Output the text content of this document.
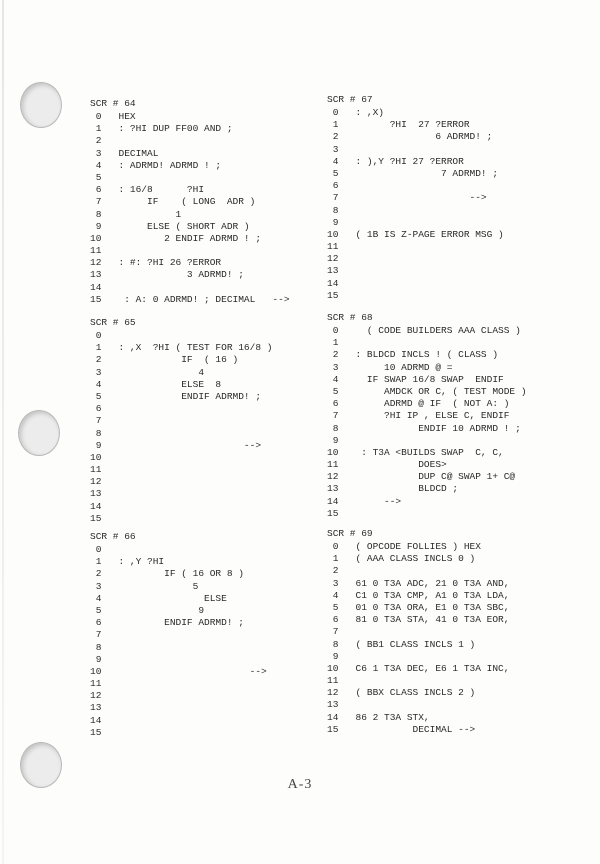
SCR # 64
0   HEX
1   : ?HI DUP FF00 AND ;
2
3   DECIMAL
4   : ADRMD! ADRMD ! ;
5
6   : 16/8      ?HI
7        IF    ( LONG  ADR )
8             1
9        ELSE ( SHORT ADR )
10           2 ENDIF ADRMD ! ;
11
12   : #: ?HI 26 ?ERROR
13               3 ADRMD! ;
14
15    : A: 0 ADRMD! ; DECIMAL   -->
SCR # 65
0
1   : ,X  ?HI ( TEST FOR 16/8 )
2              IF  ( 16 )
3                 4
4              ELSE  8
5              ENDIF ADRMD! ;
6
7
8
9                         -->
10
11
12
13
14
15
SCR # 66
0
1   : ,Y ?HI
2           IF ( 16 OR 8 )
3                5
4                  ELSE
5                 9
6           ENDIF ADRMD! ;
7
8
9
10                          -->
11
12
13
14
15
SCR # 67
0   : ,X)
1         ?HI  27 ?ERROR
2                 6 ADRMD! ;
3
4   : ),Y ?HI 27 ?ERROR
5                  7 ADRMD! ;
6
7                       -->
8
9
10   ( 1B IS Z-PAGE ERROR MSG )
11
12
13
14
15
SCR # 68
0     ( CODE BUILDERS AAA CLASS )
1
2   : BLDCD INCLS ! ( CLASS )
3        10 ADRMD @ =
4     IF SWAP 16/8 SWAP  ENDIF
5        AMDCK OR C, ( TEST MODE )
6        ADRMD @ IF  ( NOT A: )
7        ?HI IP , ELSE C, ENDIF
8              ENDIF 10 ADRMD ! ;
9
10    : T3A <BUILDS SWAP  C, C,
11              DOES>
12              DUP C@ SWAP 1+ C@
13              BLDCD ;
14        -->
15
SCR # 69
0   ( OPCODE FOLLIES ) HEX
1   ( AAA CLASS INCLS 0 )
2
3   61 0 T3A ADC, 21 0 T3A AND,
4   C1 0 T3A CMP, A1 0 T3A LDA,
5   01 0 T3A ORA, E1 0 T3A SBC,
6   81 0 T3A STA, 41 0 T3A EOR,
7
8   ( BB1 CLASS INCLS 1 )
9
10   C6 1 T3A DEC, E6 1 T3A INC,
11
12   ( BBX CLASS INCLS 2 )
13
14   86 2 T3A STX,
15             DECIMAL -->
A-3
